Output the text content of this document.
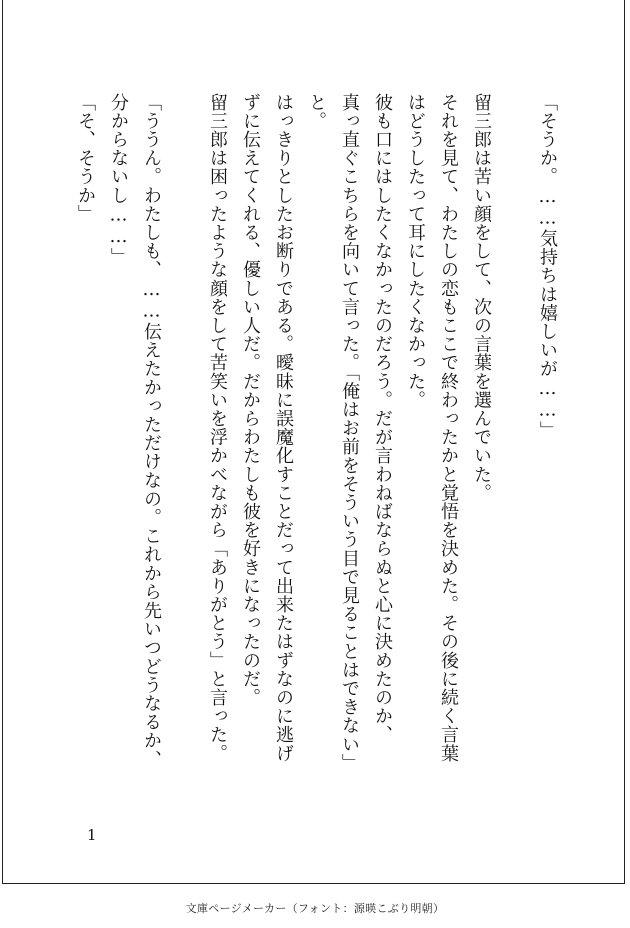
「そうか。……気持ちは嬉しいが……」
留三郎は苦い顔をして、次の言葉を選んでいた。
それを見て、わたしの恋もここで終わったかと覚悟を決めた。その後に続く言葉
はどうしたって耳にしたくなかった。
彼も口にはしたくなかったのだろう。だが言わねばならぬと心に決めたのか、
真っ直ぐこちらを向いて言った。「俺はお前をそういう目で見ることはできない」
と。
はっきりとしたお断りである。曖昧に誤魔化すことだって出来たはずなのに逃げ
ずに伝えてくれる、優しい人だ。だからわたしも彼を好きになったのだ。
留三郎は困ったような顔をして苦笑いを浮かべながら「ありがとう」と言った。
「ううん。わたしも、……伝えたかっただけなの。これから先いつどうなるか、
分からないし……」
「そ、そうか」
1
文庫ページメーカー（フォント：源暎こぶり明朝）
